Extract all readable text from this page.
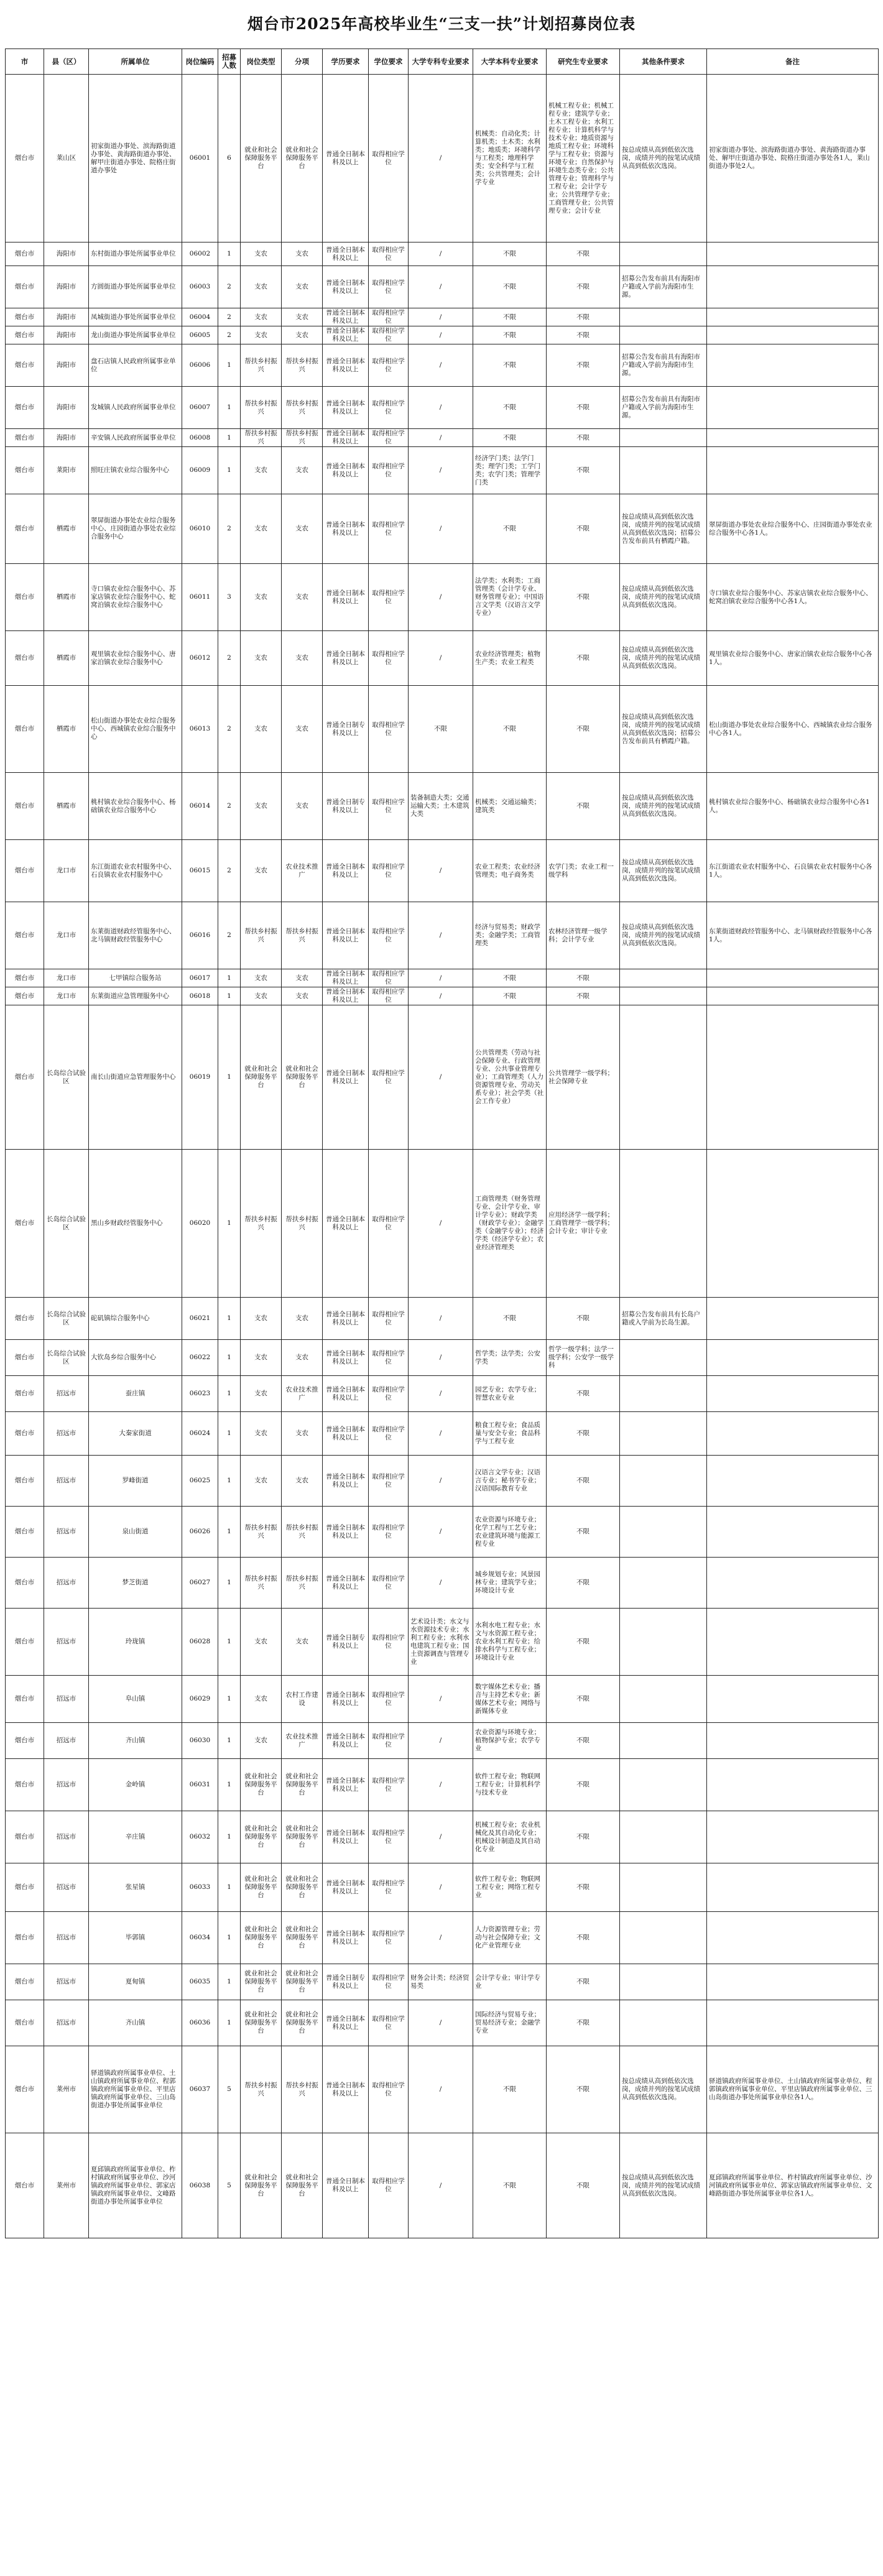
烟台市2025年高校毕业生“三支一扶”计划招募岗位表
市	县（区）	所属单位	岗位编码	招募人数	岗位类型	分项	学历要求	学位要求	大学专科专业要求	大学本科专业要求	研究生专业要求	其他条件要求	备注
烟台市	莱山区	初家街道办事处、滨海路街道办事处、黄海路街道办事处、解甲庄街道办事处、院格庄街道办事处	06001	6	就业和社会保障服务平台	就业和社会保障服务平台	普通全日制本科及以上	取得相应学位	/	机械类：自动化类；计算机类；土木类；水利类；地质类；环境科学与工程类；地理科学类；安全科学与工程类；公共管理类；会计学专业	机械工程专业；机械工程专业；建筑学专业；土木工程专业；水利工程专业；计算机科学与技术专业；地质资源与地质工程专业；环境科学与工程专业；资源与环境专业；自然保护与环境生态类专业；公共管理专业；管理科学与工程专业；会计学专业；公共管理学专业；工商管理专业；公共管理专业；会计专业	按总成绩从高到低依次选岗，成绩并列的按笔试成绩从高到低依次选岗。	初家街道办事处、滨海路街道办事处、黄海路街道办事处、解甲庄街道办事处、院格庄街道办事处各1人，莱山街道办事处2人。
烟台市	海阳市	东村街道办事处所属事业单位	06002	1	支农	支农	普通全日制本科及以上	取得相应学位	/	不限	不限		
烟台市	海阳市	方圆街道办事处所属事业单位	06003	2	支农	支农	普通全日制本科及以上	取得相应学位	/	不限	不限	招募公告发布前具有海阳市户籍或入学前为海阳市生源。	
烟台市	海阳市	凤城街道办事处所属事业单位	06004	2	支农	支农	普通全日制本科及以上	取得相应学位	/	不限	不限		
烟台市	海阳市	龙山街道办事处所属事业单位	06005	2	支农	支农	普通全日制本科及以上	取得相应学位	/	不限	不限		
烟台市	海阳市	盘石店镇人民政府所属事业单位	06006	1	帮扶乡村振兴	帮扶乡村振兴	普通全日制本科及以上	取得相应学位	/	不限	不限	招募公告发布前具有海阳市户籍或入学前为海阳市生源。	
烟台市	海阳市	发城镇人民政府所属事业单位	06007	1	帮扶乡村振兴	帮扶乡村振兴	普通全日制本科及以上	取得相应学位	/	不限	不限	招募公告发布前具有海阳市户籍或入学前为海阳市生源。	
烟台市	海阳市	辛安镇人民政府所属事业单位	06008	1	帮扶乡村振兴	帮扶乡村振兴	普通全日制本科及以上	取得相应学位	/	不限	不限		
烟台市	莱阳市	照旺庄镇农业综合服务中心	06009	1	支农	支农	普通全日制本科及以上	取得相应学位	/	经济学门类；法学门类；理学门类；工学门类；农学门类；管理学门类	不限		
烟台市	栖霞市	翠屏街道办事处农业综合服务中心、庄园街道办事处农业综合服务中心	06010	2	支农	支农	普通全日制本科及以上	取得相应学位	/	不限	不限	按总成绩从高到低依次选岗，成绩并列的按笔试成绩从高到低依次选岗；招募公告发布前具有栖霞户籍。	翠屏街道办事处农业综合服务中心、庄园街道办事处农业综合服务中心各1人。
烟台市	栖霞市	寺口镇农业综合服务中心、苏家店镇农业综合服务中心、蛇窝泊镇农业综合服务中心	06011	3	支农	支农	普通全日制本科及以上	取得相应学位	/	法学类；水利类；工商管理类（会计学专业、财务管理专业）；中国语言文学类（汉语言文学专业）	不限	按总成绩从高到低依次选岗，成绩并列的按笔试成绩从高到低依次选岗。	寺口镇农业综合服务中心、苏家店镇农业综合服务中心、蛇窝泊镇农业综合服务中心各1人。
烟台市	栖霞市	观里镇农业综合服务中心、唐家泊镇农业综合服务中心	06012	2	支农	支农	普通全日制本科及以上	取得相应学位	/	农业经济管理类；植物生产类；农业工程类	不限	按总成绩从高到低依次选岗，成绩并列的按笔试成绩从高到低依次选岗。	观里镇农业综合服务中心、唐家泊镇农业综合服务中心各1人。
烟台市	栖霞市	松山街道办事处农业综合服务中心、西城镇农业综合服务中心	06013	2	支农	支农	普通全日制专科及以上	取得相应学位	不限	不限	不限	按总成绩从高到低依次选岗，成绩并列的按笔试成绩从高到低依次选岗；招募公告发布前具有栖霞户籍。	松山街道办事处农业综合服务中心、西城镇农业综合服务中心各1人。
烟台市	栖霞市	桃村镇农业综合服务中心、杨础镇农业综合服务中心	06014	2	支农	支农	普通全日制专科及以上	取得相应学位	装备制造大类；交通运输大类；土木建筑大类	机械类；交通运输类；建筑类	不限	按总成绩从高到低依次选岗，成绩并列的按笔试成绩从高到低依次选岗。	桃村镇农业综合服务中心、杨础镇农业综合服务中心各1人。
烟台市	龙口市	东江街道农业农村服务中心、石良镇农业农村服务中心	06015	2	支农	农业技术推广	普通全日制本科及以上	取得相应学位	/	农业工程类；农业经济管理类；电子商务类	农学门类；农业工程一级学科	按总成绩从高到低依次选岗，成绩并列的按笔试成绩从高到低依次选岗。	东江街道农业农村服务中心、石良镇农业农村服务中心各1人。
烟台市	龙口市	东莱街道财政经管服务中心、北马镇财政经管服务中心	06016	2	帮扶乡村振兴	帮扶乡村振兴	普通全日制本科及以上	取得相应学位	/	经济与贸易类；财政学类；金融学类；工商管理类	农林经济管理一级学科；会计学专业	按总成绩从高到低依次选岗，成绩并列的按笔试成绩从高到低依次选岗。	东莱街道财政经管服务中心、北马镇财政经管服务中心各1人。
烟台市	龙口市	七甲镇综合服务站	06017	1	支农	支农	普通全日制本科及以上	取得相应学位	/	不限	不限		
烟台市	龙口市	东莱街道应急管理服务中心	06018	1	支农	支农	普通全日制本科及以上	取得相应学位	/	不限	不限		
烟台市	长岛综合试验区	南长山街道应急管理服务中心	06019	1	就业和社会保障服务平台	就业和社会保障服务平台	普通全日制本科及以上	取得相应学位	/	公共管理类（劳动与社会保障专业、行政管理专业、公共事业管理专业）；工商管理类（人力资源管理专业、劳动关系专业）；社会学类（社会工作专业）	公共管理学一级学科；社会保障专业		
烟台市	长岛综合试验区	黑山乡财政经管服务中心	06020	1	帮扶乡村振兴	帮扶乡村振兴	普通全日制本科及以上	取得相应学位	/	工商管理类（财务管理专业、会计学专业、审计学专业）；财政学类（财政学专业）；金融学类（金融学专业）；经济学类（经济学专业）；农业经济管理类	应用经济学一级学科；工商管理学一级学科；会计专业；审计专业		
烟台市	长岛综合试验区	砣矶镇综合服务中心	06021	1	支农	支农	普通全日制本科及以上	取得相应学位	/	不限	不限	招募公告发布前具有长岛户籍或入学前为长岛生源。	
烟台市	长岛综合试验区	大钦岛乡综合服务中心	06022	1	支农	支农	普通全日制本科及以上	取得相应学位	/	哲学类；法学类；公安学类	哲学一级学科；法学一级学科；公安学一级学科		
烟台市	招远市	蚕庄镇	06023	1	支农	农业技术推广	普通全日制本科及以上	取得相应学位	/	园艺专业；农学专业；智慧农业专业	不限		
烟台市	招远市	大秦家街道	06024	1	支农	支农	普通全日制本科及以上	取得相应学位	/	粮食工程专业；食品质量与安全专业；食品科学与工程专业	不限		
烟台市	招远市	罗峰街道	06025	1	支农	支农	普通全日制本科及以上	取得相应学位	/	汉语言文学专业；汉语言专业；秘书学专业；汉语国际教育专业	不限		
烟台市	招远市	泉山街道	06026	1	帮扶乡村振兴	帮扶乡村振兴	普通全日制本科及以上	取得相应学位	/	农业资源与环境专业；化学工程与工艺专业；农业建筑环境与能源工程专业	不限		
烟台市	招远市	梦芝街道	06027	1	帮扶乡村振兴	帮扶乡村振兴	普通全日制本科及以上	取得相应学位	/	城乡规划专业；风景园林专业；建筑学专业；环境设计专业	不限		
烟台市	招远市	玲珑镇	06028	1	支农	支农	普通全日制专科及以上	取得相应学位	艺术设计类；水文与水资源技术专业；水利工程专业；水利水电建筑工程专业；国土资源调查与管理专业	水利水电工程专业；水文与水资源工程专业；农业水利工程专业；给排水科学与工程专业；环境设计专业	不限		
烟台市	招远市	阜山镇	06029	1	支农	农村工作建设	普通全日制本科及以上	取得相应学位	/	数字媒体艺术专业；播音与主持艺术专业；新媒体艺术专业；网络与新媒体专业	不限		
烟台市	招远市	齐山镇	06030	1	支农	农业技术推广	普通全日制本科及以上	取得相应学位	/	农业资源与环境专业；植物保护专业；农学专业	不限		
烟台市	招远市	金岭镇	06031	1	就业和社会保障服务平台	就业和社会保障服务平台	普通全日制本科及以上	取得相应学位	/	软件工程专业；物联网工程专业；计算机科学与技术专业	不限		
烟台市	招远市	辛庄镇	06032	1	就业和社会保障服务平台	就业和社会保障服务平台	普通全日制本科及以上	取得相应学位	/	机械工程专业；农业机械化及其自动化专业；机械设计制造及其自动化专业	不限		
烟台市	招远市	张星镇	06033	1	就业和社会保障服务平台	就业和社会保障服务平台	普通全日制本科及以上	取得相应学位	/	软件工程专业；物联网工程专业；网络工程专业	不限		
烟台市	招远市	毕郭镇	06034	1	就业和社会保障服务平台	就业和社会保障服务平台	普通全日制本科及以上	取得相应学位	/	人力资源管理专业；劳动与社会保障专业；文化产业管理专业	不限		
烟台市	招远市	夏甸镇	06035	1	就业和社会保障服务平台	就业和社会保障服务平台	普通全日制专科及以上	取得相应学位	财务会计类；经济贸易类	会计学专业；审计学专业	不限		
烟台市	招远市	齐山镇	06036	1	就业和社会保障服务平台	就业和社会保障服务平台	普通全日制本科及以上	取得相应学位	/	国际经济与贸易专业；贸易经济专业；金融学专业	不限		
烟台市	莱州市	驿道镇政府所属事业单位、土山镇政府所属事业单位、程郭镇政府所属事业单位、平里店镇政府所属事业单位、三山岛街道办事处所属事业单位	06037	5	帮扶乡村振兴	帮扶乡村振兴	普通全日制本科及以上	取得相应学位	/	不限	不限	按总成绩从高到低依次选岗，成绩并列的按笔试成绩从高到低依次选岗。	驿道镇政府所属事业单位、土山镇政府所属事业单位、程郭镇政府所属事业单位、平里店镇政府所属事业单位、三山岛街道办事处所属事业单位各1人。
烟台市	莱州市	夏邱镇政府所属事业单位、柞村镇政府所属事业单位、沙河镇政府所属事业单位、郭家店镇政府所属事业单位、文峰路街道办事处所属事业单位	06038	5	就业和社会保障服务平台	就业和社会保障服务平台	普通全日制本科及以上	取得相应学位	/	不限	不限	按总成绩从高到低依次选岗，成绩并列的按笔试成绩从高到低依次选岗。	夏邱镇政府所属事业单位、柞村镇政府所属事业单位、沙河镇政府所属事业单位、郭家店镇政府所属事业单位、文峰路街道办事处所属事业单位各1人。
